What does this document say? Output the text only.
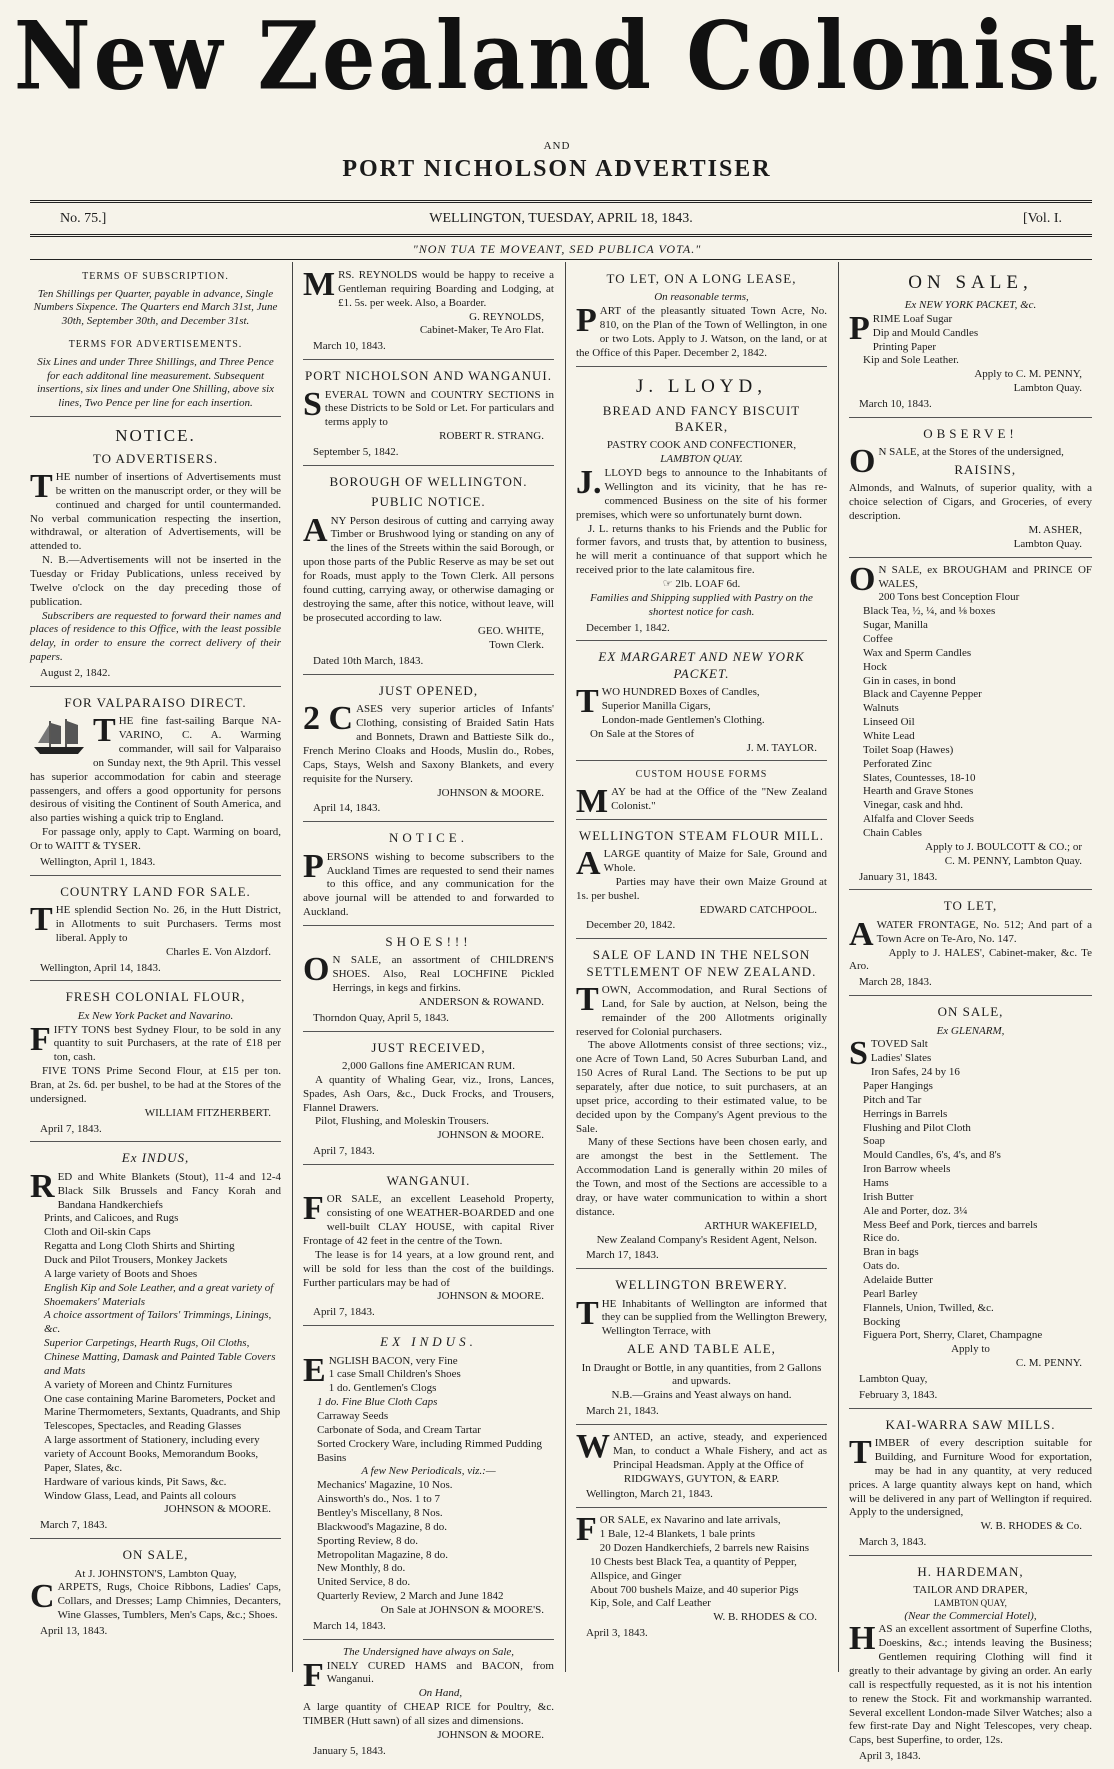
New Zealand Colonist
AND
PORT NICHOLSON ADVERTISER
No. 75.]	WELLINGTON, TUESDAY, APRIL 18, 1843.	[Vol. I.
"NON TUA TE MOVEANT, SED PUBLICA VOTA."
TERMS OF SUBSCRIPTION.
Ten Shillings per Quarter, payable in advance, Single Numbers Sixpence. The Quarters end March 31st, June 30th, September 30th, and December 31st.
TERMS FOR ADVERTISEMENTS.
Six Lines and under Three Shillings, and Three Pence for each additonal line measurement. Subsequent insertions, six lines and under One Shilling, above six lines, Two Pence per line for each insertion.
NOTICE.
TO ADVERTISERS.

THE number of insertions of Advertisements must be written on the manuscript order, or they will be continued and charged for until countermanded. No verbal communication respecting the insertion, withdrawal, or alteration of Advertisements, will be attended to.

N. B.—Advertisements will not be inserted in the Tuesday or Friday Publications, unless received by Twelve o'clock on the day preceding those of publication.

Subscribers are requested to forward their names and places of residence to this Office, with the least possible delay, in order to ensure the correct delivery of their papers.

August 2, 1842.
FOR VALPARAISO DIRECT.

THE fine fast-sailing Barque NA-VARINO, C. A. Warming commander, will sail for Valparaiso on Sunday next, the 9th April. This vessel has superior accommodation for cabin and steerage passengers, and offers a good opportunity for persons desirous of visiting the Continent of South America, and also parties wishing a quick trip to England.

For passage only, apply to Capt. Warming on board, Or to WAITT & TYSER.

Wellington, April 1, 1843.
COUNTRY LAND FOR SALE.

THE splendid Section No. 26, in the Hutt District, in Allotments to suit Purchasers. Terms most liberal. Apply to

Charles E. Von Alzdorf.
Wellington, April 14, 1843.
FRESH COLONIAL FLOUR,
Ex New York Packet and Navarino.

FIFTY TONS best Sydney Flour, to be sold in any quantity to suit Purchasers, at the rate of £18 per ton, cash.

FIVE TONS Prime Second Flour, at £15 per ton. Bran, at 2s. 6d. per bushel, to be had at the Stores of the undersigned.

WILLIAM FITZHERBERT.
April 7, 1843.
Ex INDUS,

RED and White Blankets (Stout), 11-4 and 12-4 Black Silk Brussels and Fancy Korah and Bandana Handkerchiefs

Prints, and Calicoes, and Rugs
Cloth and Oil-skin Caps
Regatta and Long Cloth Shirts and Shirting
Duck and Pilot Trousers, Monkey Jackets
A large variety of Boots and Shoes
English Kip and Sole Leather, and a great variety of Shoemakers' Materials
A choice assortment of Tailors' Trimmings, Linings, &c.
Superior Carpetings, Hearth Rugs, Oil Cloths, Chinese Matting, Damask and Painted Table Covers and Mats
A variety of Moreen and Chintz Furnitures
One case containing Marine Barometers, Pocket and Marine Thermometers, Sextants, Quadrants, and Ship Telescopes, Spectacles, and Reading Glasses
A large assortment of Stationery, including every variety of Account Books, Memorandum Books, Paper, Slates, &c.
Hardware of various kinds, Pit Saws, &c.
Window Glass, Lead, and Paints all colours
JOHNSON & MOORE.
March 7, 1843.
ON SALE,
At J. JOHNSTON'S, Lambton Quay,

CARPETS, Rugs, Choice Ribbons, Ladies' Caps, Collars, and Dresses; Lamp Chimnies, Decanters, Wine Glasses, Tumblers, Men's Caps, &c.; Shoes.

April 13, 1843.

MRS. REYNOLDS would be happy to receive a Gentleman requiring Boarding and Lodging, at £1. 5s. per week. Also, a Boarder.

G. REYNOLDS,
Cabinet-Maker, Te Aro Flat.
March 10, 1843.
PORT NICHOLSON AND WANGANUI.

SEVERAL TOWN and COUNTRY SECTIONS in these Districts to be Sold or Let. For particulars and terms apply to

ROBERT R. STRANG.
September 5, 1842.
BOROUGH OF WELLINGTON.
PUBLIC NOTICE.

ANY Person desirous of cutting and carrying away Timber or Brushwood lying or standing on any of the lines of the Streets within the said Borough, or upon those parts of the Public Reserve as may be set out for Roads, must apply to the Town Clerk. All persons found cutting, carrying away, or otherwise damaging or destroying the same, after this notice, without leave, will be prosecuted according to law.

GEO. WHITE,
Town Clerk.
Dated 10th March, 1843.
JUST OPENED,

2 C ASES very superior articles of Infants' Clothing, consisting of Braided Satin Hats and Bonnets, Drawn and Battieste Silk do., French Merino Cloaks and Hoods, Muslin do., Robes, Caps, Stays, Welsh and Saxony Blankets, and every requisite for the Nursery.

JOHNSON & MOORE.
April 14, 1843.
NOTICE.

PERSONS wishing to become subscribers to the Auckland Times are requested to send their names to this office, and any communication for the above journal will be attended to and forwarded to Auckland.

SHOES!!!

O N SALE, an assortment of CHILDREN'S SHOES. Also, Real LOCHFINE Pickled Herrings, in kegs and firkins.

ANDERSON & ROWAND.
Thorndon Quay, April 5, 1843.
JUST RECEIVED,
2,000 Gallons fine AMERICAN RUM.

A quantity of Whaling Gear, viz., Irons, Lances, Spades, Ash Oars, &c., Duck Frocks, and Trousers, Flannel Drawers.

Pilot, Flushing, and Moleskin Trousers.

JOHNSON & MOORE.
April 7, 1843.
WANGANUI.

FOR SALE, an excellent Leasehold Property, consisting of one WEATHER-BOARDED and one well-built CLAY HOUSE, with capital River Frontage of 42 feet in the centre of the Town.

The lease is for 14 years, at a low ground rent, and will be sold for less than the cost of the buildings. Further particulars may be had of

JOHNSON & MOORE.
April 7, 1843.
EX INDUS.

ENGLISH BACON, very Fine

1 case Small Children's Shoes
1 do. Gentlemen's Clogs
1 do. Fine Blue Cloth Caps
Carraway Seeds
Carbonate of Soda, and Cream Tartar
Sorted Crockery Ware, including Rimmed Pudding Basins
A few New Periodicals, viz.:—
Mechanics' Magazine, 10 Nos.
Ainsworth's do., Nos. 1 to 7
Bentley's Miscellany, 8 Nos.
Blackwood's Magazine, 8 do.
Sporting Review, 8 do.
Metropolitan Magazine, 8 do.
New Monthly, 8 do.
United Service, 8 do.
Quarterly Review, 2 March and June 1842
On Sale at JOHNSON & MOORE'S.
March 14, 1843.
The Undersigned have always on Sale,

FINELY CURED HAMS and BACON, from Wanganui.

On Hand,

A large quantity of CHEAP RICE for Poultry, &c. TIMBER (Hutt sawn) of all sizes and dimensions.

JOHNSON & MOORE.
January 5, 1843.
TO LET, ON A LONG LEASE,
On reasonable terms,

PART of the pleasantly situated Town Acre, No. 810, on the Plan of the Town of Wellington, in one or two Lots. Apply to J. Watson, on the land, or at the Office of this Paper. December 2, 1842.

J. LLOYD,
BREAD AND FANCY BISCUIT BAKER,
PASTRY COOK AND CONFECTIONER,
LAMBTON QUAY.

J. LLOYD begs to announce to the Inhabitants of Wellington and its vicinity, that he has re-commenced Business on the site of his former premises, which were so unfortunately burnt down.

J. L. returns thanks to his Friends and the Public for former favors, and trusts that, by attention to business, he will merit a continuance of that support which he received prior to the late calamitous fire.

☞ 2lb. LOAF 6d.
Families and Shipping supplied with Pastry on the shortest notice for cash.
December 1, 1842.
EX MARGARET AND NEW YORK PACKET.

TWO HUNDRED Boxes of Candles,

Superior Manilla Cigars,
London-made Gentlemen's Clothing.
On Sale at the Stores of
J. M. TAYLOR.
CUSTOM HOUSE FORMS

MAY be had at the Office of the "New Zealand Colonist."

WELLINGTON STEAM FLOUR MILL.

ALARGE quantity of Maize for Sale, Ground and Whole.

Parties may have their own Maize Ground at 1s. per bushel.

EDWARD CATCHPOOL.
December 20, 1842.
SALE OF LAND IN THE NELSON SETTLEMENT OF NEW ZEALAND.

TOWN, Accommodation, and Rural Sections of Land, for Sale by auction, at Nelson, being the remainder of the 200 Allotments originally reserved for Colonial purchasers.

The above Allotments consist of three sections; viz., one Acre of Town Land, 50 Acres Suburban Land, and 150 Acres of Rural Land. The Sections to be put up separately, after due notice, to suit purchasers, at an upset price, according to their estimated value, to be decided upon by the Company's Agent previous to the Sale.

Many of these Sections have been chosen early, and are amongst the best in the Settlement. The Accommodation Land is generally within 20 miles of the Town, and most of the Sections are accessible to a dray, or have water communication to within a short distance.

ARTHUR WAKEFIELD,
New Zealand Company's Resident Agent, Nelson.
March 17, 1843.
WELLINGTON BREWERY.

THE Inhabitants of Wellington are informed that they can be supplied from the Wellington Brewery, Wellington Terrace, with

ALE AND TABLE ALE,
In Draught or Bottle, in any quantities, from 2 Gallons and upwards.
N.B.—Grains and Yeast always on hand.
March 21, 1843.

WANTED, an active, steady, and experienced Man, to conduct a Whale Fishery, and act as Principal Headsman. Apply at the Office of

RIDGWAYS, GUYTON, & EARP.
Wellington, March 21, 1843.

FOR SALE, ex Navarino and late arrivals,

1 Bale, 12-4 Blankets, 1 bale prints
20 Dozen Handkerchiefs, 2 barrels new Raisins
10 Chests best Black Tea, a quantity of Pepper, Allspice, and Ginger
About 700 bushels Maize, and 40 superior Pigs
Kip, Sole, and Calf Leather
W. B. RHODES & CO.
April 3, 1843.
ON SALE,
Ex NEW YORK PACKET, &c.

PRIME Loaf Sugar

Dip and Mould Candles
Printing Paper
Kip and Sole Leather.
Apply to C. M. PENNY,
Lambton Quay.
March 10, 1843.
OBSERVE!

O N SALE, at the Stores of the undersigned,

RAISINS,

Almonds, and Walnuts, of superior quality, with a choice selection of Cigars, and Groceries, of every description.

M. ASHER,
Lambton Quay.

O N SALE, ex BROUGHAM and PRINCE OF WALES,

200 Tons best Conception Flour
Black Tea, ½, ¼, and ⅛ boxes
Sugar, Manilla
Coffee
Wax and Sperm Candles
Hock
Gin in cases, in bond
Black and Cayenne Pepper
Walnuts
Linseed Oil
White Lead
Toilet Soap (Hawes)
Perforated Zinc
Slates, Countesses, 18-10
Hearth and Grave Stones
Vinegar, cask and hhd.
Alfalfa and Clover Seeds
Chain Cables
Apply to J. BOULCOTT & CO.; or
C. M. PENNY, Lambton Quay.
January 31, 1843.
TO LET,

AWATER FRONTAGE, No. 512; And part of a Town Acre on Te-Aro, No. 147.

Apply to J. HALES', Cabinet-maker, &c. Te Aro.

March 28, 1843.
ON SALE,
Ex GLENARM,

STOVED Salt

Ladies' Slates
Iron Safes, 24 by 16
Paper Hangings
Pitch and Tar
Herrings in Barrels
Flushing and Pilot Cloth
Soap
Mould Candles, 6's, 4's, and 8's
Iron Barrow wheels
Hams
Irish Butter
Ale and Porter, doz. 3¼
Mess Beef and Pork, tierces and barrels
Rice do.
Bran in bags
Oats do.
Adelaide Butter
Pearl Barley
Flannels, Union, Twilled, &c.
Bocking
Figuera Port, Sherry, Claret, Champagne
Apply to
C. M. PENNY.
Lambton Quay,
February 3, 1843.
KAI-WARRA SAW MILLS.

TIMBER of every description suitable for Building, and Furniture Wood for exportation, may be had in any quantity, at very reduced prices. A large quantity always kept on hand, which will be delivered in any part of Wellington if required. Apply to the undersigned,

W. B. RHODES & Co.
March 3, 1843.
H. HARDEMAN,
TAILOR AND DRAPER,
LAMBTON QUAY,
(Near the Commercial Hotel),

HAS an excellent assortment of Superfine Cloths, Doeskins, &c.; intends leaving the Business; Gentlemen requiring Clothing will find it greatly to their advantage by giving an order. An early call is respectfully requested, as it is not his intention to renew the Stock. Fit and workmanship warranted. Several excellent London-made Silver Watches; also a few first-rate Day and Night Telescopes, very cheap. Caps, best Superfine, to order, 12s.

April 3, 1843.
